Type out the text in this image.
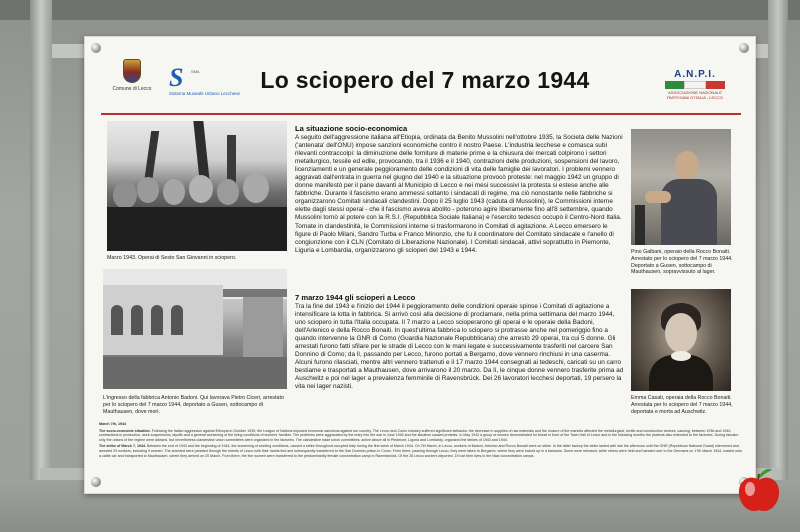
Comune di Lecco S	SMIL
Sistema Museale Urbano Lecchese
Lo sciopero del 7 marzo 1944	A.N.P.I.
ASSOCIAZIONE NAZIONALE PARTIGIANI D'ITALIA - LECCO
Marzo 1943. Operai di Sesto San Giovanni in sciopero.
L'ingresso della fabbrica Antonio Badoni. Qui lavorava Pietro Ciceri, arrestato per lo sciopero del 7 marzo 1944, deportato a Gusen, sottocampo di Mauthausen, dove morì.
La situazione socio-economica
A seguito dell'aggressione italiana all'Etiopia, ordinata da Benito Mussolini nell'ottobre 1935, la Società delle Nazioni ('antenata' dell'ONU) impose sanzioni economiche contro il nostro Paese. L'industria lecchese e comasca subì rilevanti contraccolpi: la diminuzione delle forniture di materie prime e la chiusura dei mercati colpirono i settori metallurgico, tessile ed edile, provocando, tra il 1936 e il 1940, contrazioni delle produzioni, sospensioni del lavoro, licenziamenti e un generale peggioramento delle condizioni di vita delle famiglie dei lavoratori. I problemi vennero aggravati dall'entrata in guerra nel giugno del 1940 e la situazione provocò proteste: nel maggio 1942 un gruppo di donne manifestò per il pane davanti al Municipio di Lecco e nei mesi successivi la protesta si estese anche alle fabbriche. Durante il fascismo erano ammessi soltanto i sindacati di regime, ma ciò nonostante nelle fabbriche si organizzarono Comitati sindacali clandestini. Dopo il 25 luglio 1943 (caduta di Mussolini), le Commissioni interne elette dagli stessi operai - che il fascismo aveva abolito - poterono agire liberamente fino all'8 settembre, quando Mussolini tornò al potere con la R.S.I. (Repubblica Sociale Italiana) e l'esercito tedesco occupò il Centro-Nord Italia. Tornate in clandestinità, le Commissioni interne si trasformarono in Comitati di agitazione. A Lecco emersero le figure di Paolo Milani, Sandro Turba e Franco Minonzio, che fu il coordinatore del Comitato sindacale e l'anello di congiunzione con il CLN (Comitato di Liberazione Nazionale). I Comitati sindacali, attivi soprattutto in Piemonte, Liguria e Lombardia, organizzarono gli scioperi del 1943 e 1944.
7 marzo 1944 gli scioperi a Lecco
Tra la fine del 1943 e l'inizio del 1944 il peggioramento delle condizioni operaie spinse i Comitati di agitazione a intensificare la lotta in fabbrica. Si arrivò così alla decisione di proclamare, nella prima settimana del marzo 1944, uno sciopero in tutta l'Italia occupata. Il 7 marzo a Lecco scioperarono gli operai e le operaie della Badoni, dell'Arlenico e della Rocco Bonaiti. In quest'ultima fabbrica lo sciopero si protrasse anche nel pomeriggio fino a quando intervenne la GNR di Como (Guardia Nazionale Repubblicana) che arrestò 29 operai, tra cui 5 donne. Gli arrestati furono fatti sfilare per le strade di Lecco con le mani legate e successivamente trasferiti nel carcere San Donnino di Como; da lì, passando per Lecco, furono portati a Bergamo, dove vennero rinchiusi in una caserma. Alcuni furono rilasciati, mentre altri vennero trattenuti e il 17 marzo 1944 consegnati ai tedeschi, caricati su un carro bestiame e trasportati a Mauthausen, dove arrivarono il 20 marzo. Da lì, le cinque donne vennero trasferite prima ad Auschwitz e poi nel lager a prevalenza femminile di Ravensbrück. Dei 26 lavoratori lecchesi deportati, 19 persero la vita nei lager nazisti.
Pino Galbani, operaio della Rocco Bonaiti. Arrestato per lo sciopero del 7 marzo 1944. Deportato a Gusen, sottocampo di Mauthausen, sopravvissuto al lager.
Emma Casati, operaia della Rocco Bonaiti. Arrestata per lo sciopero del 7 marzo 1944, deportata e morta ad Auschwitz.

March 7th, 1944

The socio-economic situation. Following the Italian aggression against Ethiopia in October 1935, the League of Nations imposed economic sanctions against our country. The Lecco and Como industry suffered significant setbacks: the decrease in supplies of raw materials and the closure of the markets affected the metallurgical, textile and construction sectors, causing, between 1936 and 1940, contractions in production, work suspensions, layoffs and a general worsening of the living conditions of workers' families. The problems were aggravated by the entry into the war in June 1940 and the situation caused protests. In May 1942 a group of women demonstrated for bread in front of the Town Hall of Lecco and in the following months the protests also extended to the factories. During fascism only the unions of the regime were allowed, but nevertheless clandestine union committees were organized in the factories. The clandestine trade union committees, active above all in Piedmont, Liguria and Lombardy, organized the strikes of 1943 and 1944.

The strike of March 7, 1944. Between the end of 1943 and the beginning of 1944, the worsening of working conditions, caused a strike throughout occupied Italy during the first week of March 1944. On 7th March, in Lecco, workers of Badoni, Arlenico and Rocco Bonaiti went on strike. In the latter factory the strike lasted well into the afternoon until the GNR (Republican National Guard) intervened and arrested 29 workers, including 5 women. The arrested were paraded through the streets of Lecco with their hands tied and subsequently transferred to the San Donnino prison in Como. From there, passing through Lecco, they were taken to Bergamo, where they were locked up in a barracks. Some were released, while others were held and handed over to the Germans on 17th March 1944, loaded onto a cattle car and transported to Mauthausen, where they arrived on 20 March. From there, the five women were transferred to the predominantly female concentration camp in Ravensbrück. Of the 26 Lecco workers deported, 19 lost their lives in the Nazi concentration camps.
